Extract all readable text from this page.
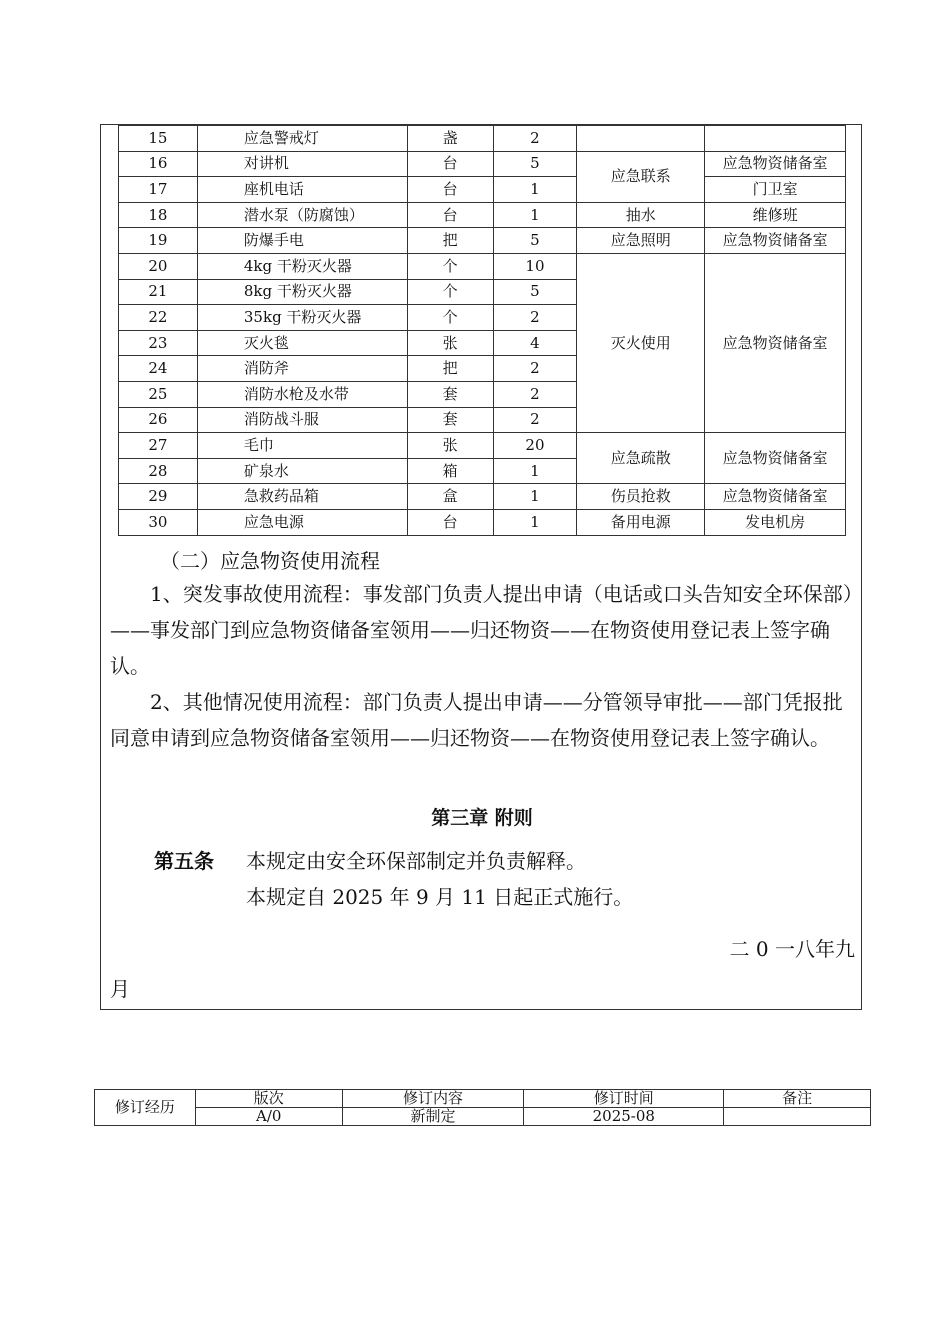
15	应急警戒灯	盏	2		
16	对讲机	台	5	应急联系	应急物资储备室
17	座机电话	台	1		门卫室
18	潜水泵（防腐蚀）	台	1	抽水	维修班
19	防爆手电	把	5	应急照明	应急物资储备室
20	4kg 干粉灭火器	个	10	灭火使用	应急物资储备室
21	8kg 干粉灭火器	个	5		
22	35kg 干粉灭火器	个	2		
23	灭火毯	张	4		
24	消防斧	把	2		
25	消防水枪及水带	套	2		
26	消防战斗服	套	2		
27	毛巾	张	20	应急疏散	应急物资储备室
28	矿泉水	箱	1		
29	急救药品箱	盒	1	伤员抢救	应急物资储备室
30	应急电源	台	1	备用电源	发电机房
（二）应急物资使用流程
1、突发事故使用流程：事发部门负责人提出申请（电话或口头告知安全环保部）——事发部门到应急物资储备室领用——归还物资——在物资使用登记表上签字确认。
2、其他情况使用流程：部门负责人提出申请——分管领导审批——部门凭报批同意申请到应急物资储备室领用——归还物资——在物资使用登记表上签字确认。
第三章 附则
第五条 本规定由安全环保部制定并负责解释。
本规定自 2025 年 9 月 11 日起正式施行。
二 0 一八年九
月
修订经历	版次	修订内容	修订时间	备注
	A/0	新制定	2025-08	
